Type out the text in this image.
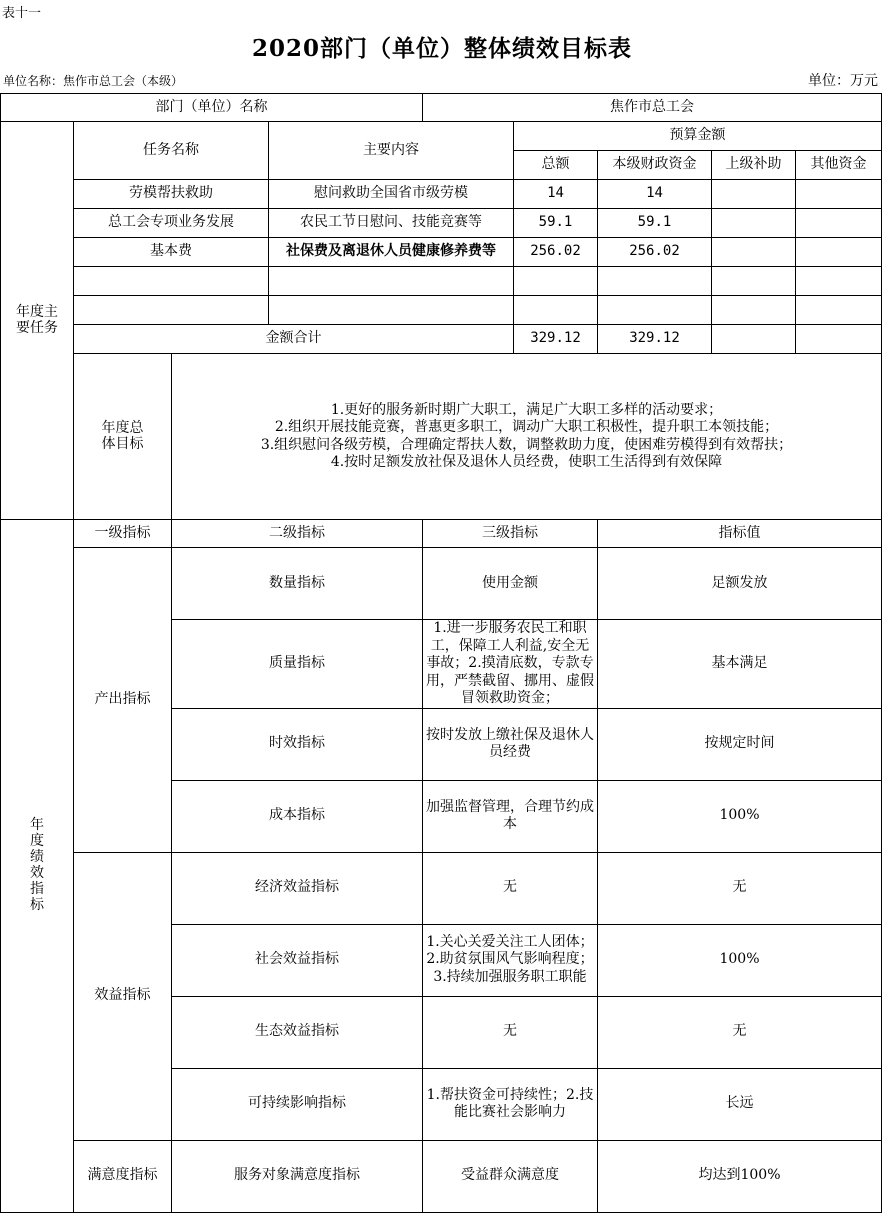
表十一
2020部门（单位）整体绩效目标表
单位名称：焦作市总工会（本级）	单位：万元
部门（单位）名称				焦作市总工会				
年度主要任务	任务名称		主要内容		预算金额			
					总额	本级财政资金	上级补助	其他资金
	劳模帮扶救助		慰问救助全国省市级劳模		14	14		
	总工会专项业务发展		农民工节日慰问、技能竞赛等		59.1	59.1		
	基本费		社保费及离退休人员健康修养费等		256.02	256.02		

	金额合计				329.12	329.12		
	年度总体目标	1.更好的服务新时期广大职工，满足广大职工多样的活动要求；
2.组织开展技能竞赛，普惠更多职工，调动广大职工积极性，提升职工本领技能；
3.组织慰问各级劳模，合理确定帮扶人数，调整救助力度，使困难劳模得到有效帮扶；
4.按时足额发放社保及退休人员经费，使职工生活得到有效保障						

年度绩效指标	一级指标	二级指标		三级指标		指标值		
	产出指标	数量指标		使用金额		足额发放		
		质量指标		1.进一步服务农民工和职工，保障工人利益,安全无事故；2.摸清底数，专款专用，严禁截留、挪用、虚假冒领救助资金；		基本满足		
		时效指标		按时发放上缴社保及退休人员经费		按规定时间		
		成本指标		加强监督管理，合理节约成本		100%		
	效益指标	经济效益指标		无		无		
		社会效益指标		1.关心关爱关注工人团体；2.助贫氛围风气影响程度；3.持续加强服务职工职能		100%		
		生态效益指标		无		无		
		可持续影响指标		1.帮扶资金可持续性；2.技能比赛社会影响力		长远		
	满意度指标	服务对象满意度指标		受益群众满意度		均达到100%		
